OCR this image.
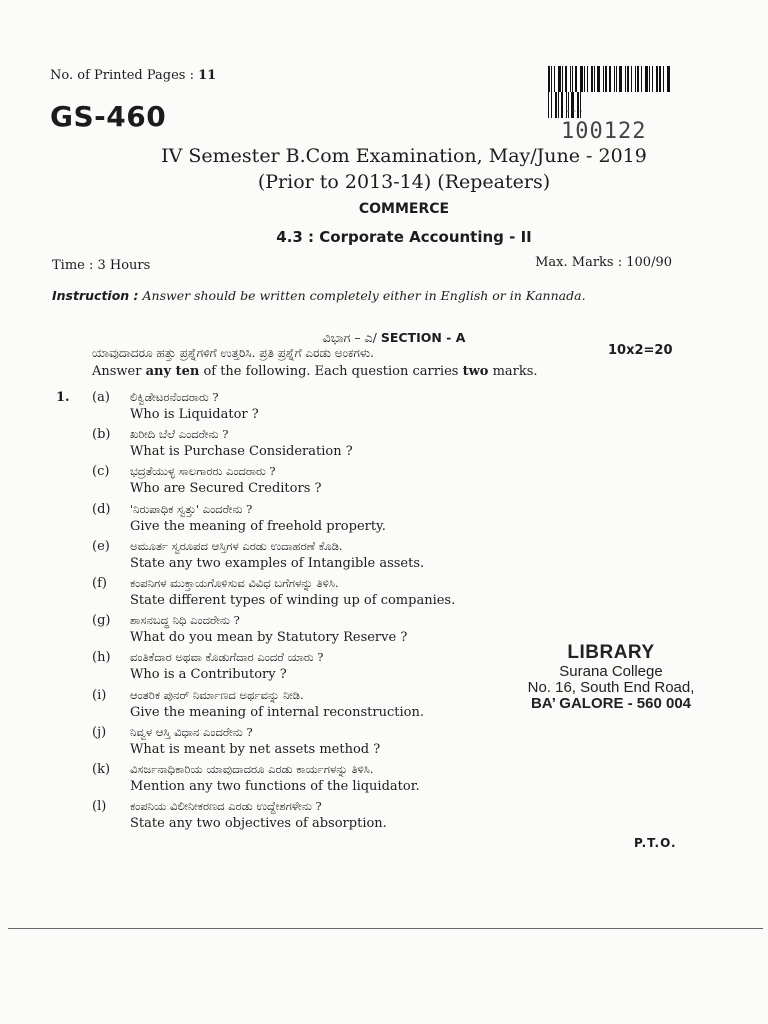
No. of Printed Pages : 11
GS-460	- - -
100122
IV Semester B.Com Examination, May/June - 2019
(Prior to 2013-14) (Repeaters)
COMMERCE
4.3 : Corporate Accounting - II
Time : 3 Hours	Max. Marks : 100/90
Instruction : Answer should be written completely either in English or in Kannada.
ವಿಭಾಗ – ಎ/ SECTION - A
ಯಾವುದಾದರೂ ಹತ್ತು ಪ್ರಶ್ನೆಗಳಿಗೆ ಉತ್ತರಿಸಿ. ಪ್ರತಿ ಪ್ರಶ್ನೆಗೆ ಎರಡು ಅಂಕಗಳು.	10x2=20
Answer any ten of the following. Each question carries two marks.
1. (a) ಲಿಕ್ವಿಡೇಟರನೆಂದರಾರು ?
Who is Liquidator ?
(b) ಖರೀದಿ ಬೆಲೆ ಎಂದರೇನು ?
What is Purchase Consideration ?
(c) ಭದ್ರತೆಯುಳ್ಳ ಸಾಲಗಾರರು ಎಂದರಾರು ?
Who are Secured Creditors ?
(d) 'ನಿರುಪಾಧಿಕ ಸ್ವತ್ತು' ಎಂದರೇನು ?
Give the meaning of freehold property.
(e) ಅಮೂರ್ತ ಸ್ವರೂಪದ ಆಸ್ತಿಗಳ ಎರಡು ಉದಾಹರಣೆ ಕೊಡಿ.
State any two examples of Intangible assets.
(f) ಕಂಪನಿಗಳ ಮುಕ್ತಾಯಗೊಳಿಸುವ ವಿವಿಧ ಬಗೆಗಳನ್ನು ತಿಳಿಸಿ.
State different types of winding up of companies.
(g) ಶಾಸನಬದ್ಧ ನಿಧಿ ಎಂದರೇನು ?
What do you mean by Statutory Reserve ?
(h) ವಂತಿಕೆದಾರ ಅಥವಾ ಕೊಡುಗೆದಾರ ಎಂದರೆ ಯಾರು ?
Who is a Contributory ?
(i) ಆಂತರಿಕ ಪುನರ್ ನಿರ್ಮಾಣದ ಅರ್ಥವನ್ನು ನೀಡಿ.
Give the meaning of internal reconstruction.
(j) ನಿವ್ವಳ ಆಸ್ತಿ ವಿಧಾನ ಎಂದರೇನು ?
What is meant by net assets method ?
(k) ವಿಸರ್ಜನಾಧಿಕಾರಿಯ ಯಾವುದಾದರೂ ಎರಡು ಕಾರ್ಯಗಳನ್ನು ತಿಳಿಸಿ.
Mention any two functions of the liquidator.
(l) ಕಂಪನಿಯ ವಿಲೀನೀಕರಣದ ಎರಡು ಉದ್ದೇಶಗಳೇನು ?
State any two objectives of absorption.
LIBRARY
Surana College
No. 16, South End Road,
BA’ GALORE - 560 004
P.T.O.
